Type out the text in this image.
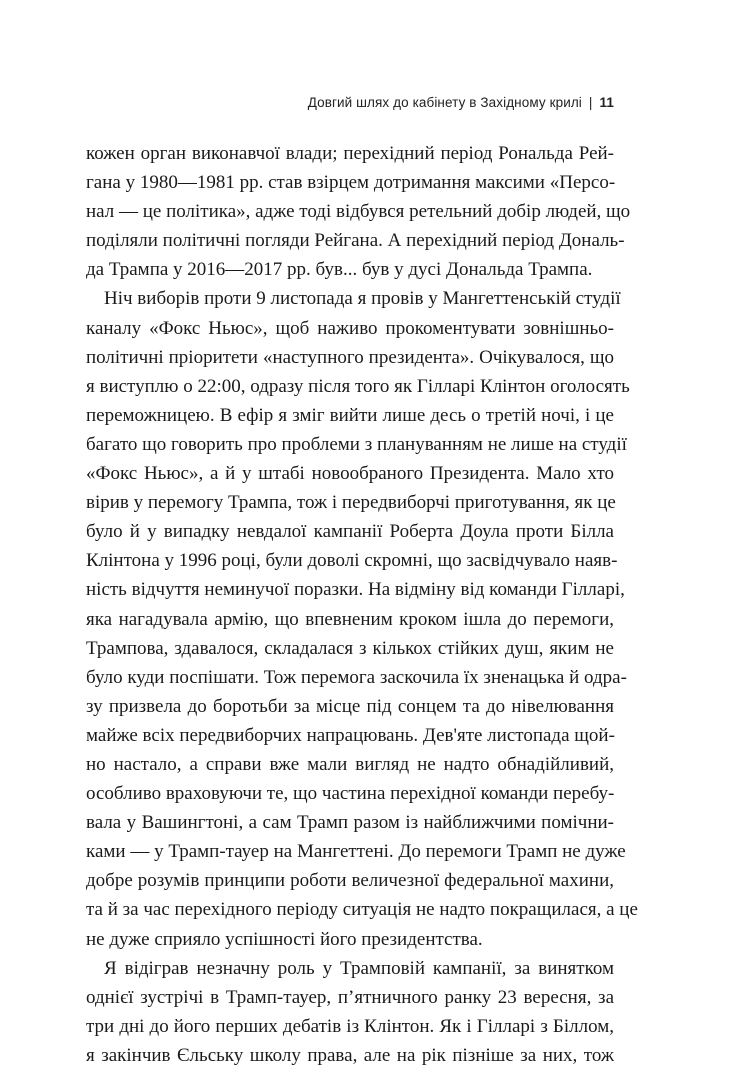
Довгий шлях до кабінету в Західному крилі | 11
кожен орган виконавчої влади; перехідний період Рональда Рей-
гана у 1980—1981 рр. став взірцем дотримання максими «Персо-
нал — це політика», адже тоді відбувся ретельний добір людей, що
поділяли політичні погляди Рейгана. А перехідний період Дональ-
да Трампа у 2016—2017 рр. був... був у дусі Дональда Трампа.
Ніч виборів проти 9 листопада я провів у Мангеттенській студії
каналу «Фокс Ньюс», щоб наживо прокоментувати зовнішньо-
політичні пріоритети «наступного президента». Очікувалося, що
я виступлю о 22:00, одразу після того як Гілларі Клінтон оголосять
переможницею. В ефір я зміг вийти лише десь о третій ночі, і це
багато що говорить про проблеми з плануванням не лише на студії
«Фокс Ньюс», а й у штабі новообраного Президента. Мало хто
вірив у перемогу Трампа, тож і передвиборчі приготування, як це
було й у випадку невдалої кампанії Роберта Доула проти Білла
Клінтона у 1996 році, були доволі скромні, що засвідчувало наяв-
ність відчуття неминучої поразки. На відміну від команди Гілларі,
яка нагадувала армію, що впевненим кроком ішла до перемоги,
Трампова, здавалося, складалася з кількох стійких душ, яким не
було куди поспішати. Тож перемога заскочила їх зненацька й одра-
зу призвела до боротьби за місце під сонцем та до нівелювання
майже всіх передвиборчих напрацювань. Дев'яте листопада щой-
но настало, а справи вже мали вигляд не надто обнадійливий,
особливо враховуючи те, що частина перехідної команди перебу-
вала у Вашингтоні, а сам Трамп разом із найближчими помічни-
ками — у Трамп-тауер на Мангеттені. До перемоги Трамп не дуже
добре розумів принципи роботи величезної федеральної махини,
та й за час перехідного періоду ситуація не надто покращилася, а це
не дуже сприяло успішності його президентства.
Я відіграв незначну роль у Трамповій кампанії, за винятком
однієї зустрічі в Трамп-тауер, п’ятничного ранку 23 вересня, за
три дні до його перших дебатів із Клінтон. Як і Гілларі з Біллом,
я закінчив Єльську школу права, але на рік пізніше за них, тож
